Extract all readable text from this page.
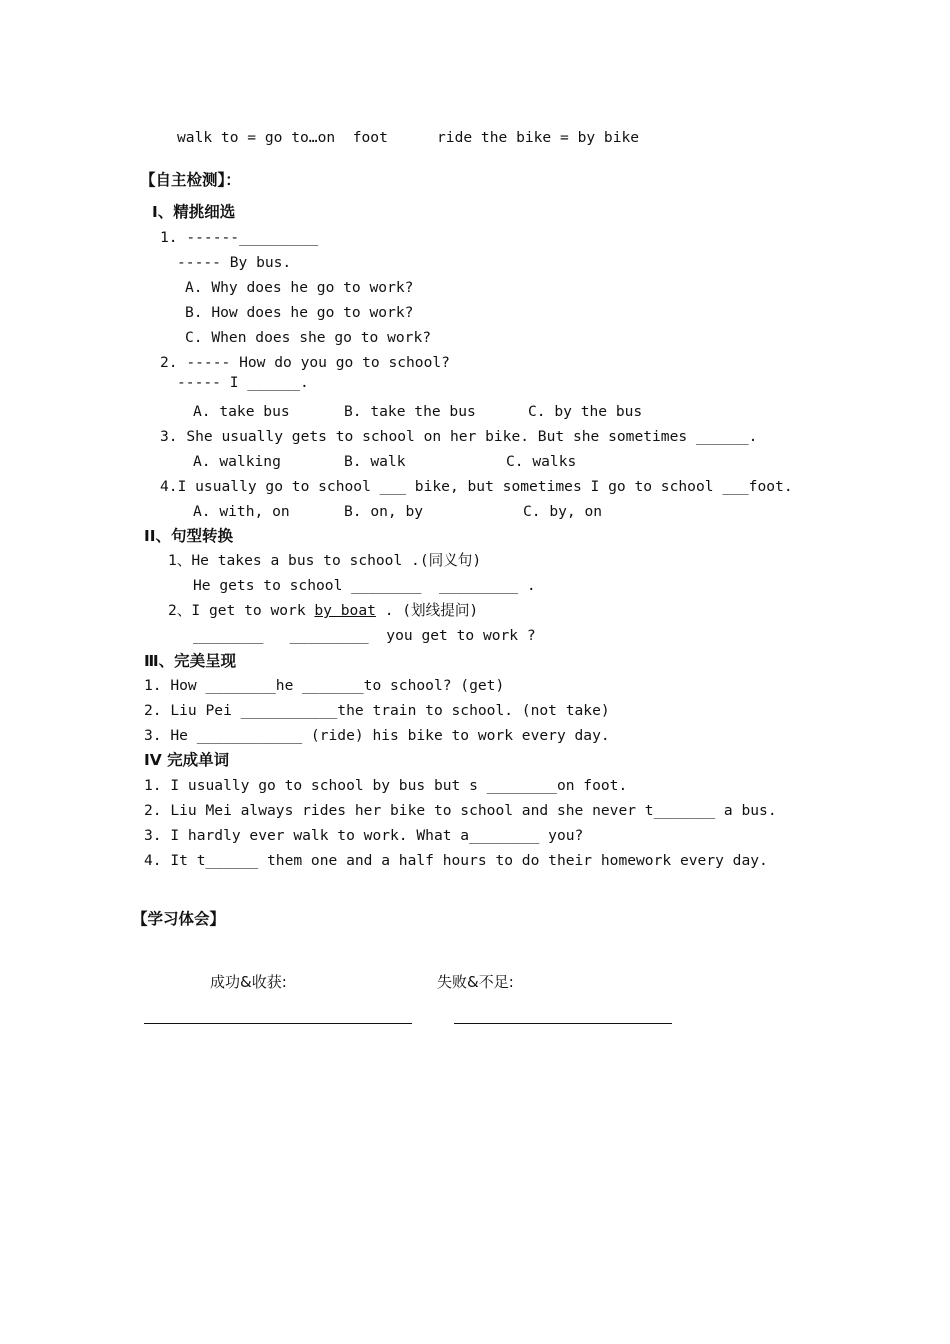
walk to = go to…on  foot	ride the bike = by bike
【自主检测】：
I、精挑细选
1. ------_________
----- By bus.
A. Why does he go to work?
B. How does he go to work?
C. When does she go to work?
2. ----- How do you go to school?
----- I ______.
A. take bus	B. take the bus	C. by the bus
3. She usually gets to school on her bike. But she sometimes ______.
A. walking	B. walk	C. walks
4.I usually go to school ___ bike, but sometimes I go to school ___foot.
A. with, on	B. on, by	C. by, on
II、句型转换
1、He takes a bus to school .(同义句)
He gets to school ________  _________ .
2、I get to work by boat . (划线提问)
________   _________  you get to work ?
Ⅲ、完美呈现
1. How ________he _______to school? (get)
2. Liu Pei ___________the train to school. (not take)
3. He ____________ (ride) his bike to work every day.
IV 完成单词
1. I usually go to school by bus but s ________on foot.
2. Liu Mei always rides her bike to school and she never t_______ a bus.
3. I hardly ever walk to work. What a________ you?
4. It t______ them one and a half hours to do their homework every day.
【学习体会】
成功&收获:	失败&不足:
